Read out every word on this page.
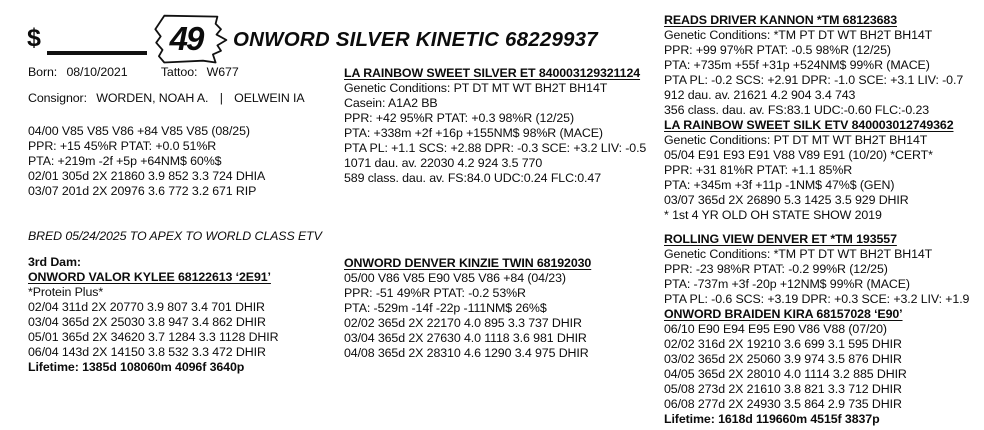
$	49	ONWORD SILVER KINETIC 68229937
Born: 08/10/2021	Tattoo: W677
Consignor: WORDEN, NOAH A. | OELWEIN IA
04/00 V85 V85 V86 +84 V85 V85 (08/25)
PPR: +15 45%R PTAT: +0.0 51%R
PTA: +219m -2f +5p +64NM$ 60%$
02/01 305d 2X 21860 3.9 852 3.3 724 DHIA
03/07 201d 2X 20976 3.6 772 3.2 671 RIP
BRED 05/24/2025 TO APEX TO WORLD CLASS ETV
3rd Dam:
ONWORD VALOR KYLEE 68122613 ‘2E91’
*Protein Plus*
02/04 311d 2X 20770 3.9 807 3.4 701 DHIR
03/04 365d 2X 25030 3.8 947 3.4 862 DHIR
05/01 365d 2X 34620 3.7 1284 3.3 1128 DHIR
06/04 143d 2X 14150 3.8 532 3.3 472 DHIR
Lifetime: 1385d 108060m 4096f 3640p
LA RAINBOW SWEET SILVER ET 840003129321124
Genetic Conditions: PT DT MT WT BH2T BH14T
Casein: A1A2 BB
PPR: +42 95%R PTAT: +0.3 98%R (12/25)
PTA: +338m +2f +16p +155NM$ 98%R (MACE)
PTA PL: +1.1 SCS: +2.88 DPR: -0.3 SCE: +3.2 LIV: -0.5
1071 dau. av. 22030 4.2 924 3.5 770
589 class. dau. av. FS:84.0 UDC:0.24 FLC:0.47
ONWORD DENVER KINZIE TWIN 68192030
05/00 V86 V85 E90 V85 V86 +84 (04/23)
PPR: -51 49%R PTAT: -0.2 53%R
PTA: -529m -14f -22p -111NM$ 26%$
02/02 365d 2X 22170 4.0 895 3.3 737 DHIR
03/04 365d 2X 27630 4.0 1118 3.6 981 DHIR
04/08 365d 2X 28310 4.6 1290 3.4 975 DHIR
READS DRIVER KANNON *TM 68123683
Genetic Conditions: *TM PT DT WT BH2T BH14T
PPR: +99 97%R PTAT: -0.5 98%R (12/25)
PTA: +735m +55f +31p +524NM$ 99%R (MACE)
PTA PL: -0.2 SCS: +2.91 DPR: -1.0 SCE: +3.1 LIV: -0.7
912 dau. av. 21621 4.2 904 3.4 743
356 class. dau. av. FS:83.1 UDC:-0.60 FLC:-0.23
LA RAINBOW SWEET SILK ETV 840003012749362
Genetic Conditions: PT DT MT WT BH2T BH14T
05/04 E91 E93 E91 V88 V89 E91 (10/20) *CERT*
PPR: +31 81%R PTAT: +1.1 85%R
PTA: +345m +3f +11p -1NM$ 47%$ (GEN)
03/07 365d 2X 26890 5.3 1425 3.5 929 DHIR
* 1st 4 YR OLD OH STATE SHOW 2019
ROLLING VIEW DENVER ET *TM 193557
Genetic Conditions: *TM PT DT WT BH2T BH14T
PPR: -23 98%R PTAT: -0.2 99%R (12/25)
PTA: -737m +3f -20p +12NM$ 99%R (MACE)
PTA PL: -0.6 SCS: +3.19 DPR: +0.3 SCE: +3.2 LIV: +1.9
ONWORD BRAIDEN KIRA 68157028 ‘E90’
06/10 E90 E94 E95 E90 V86 V88 (07/20)
02/02 316d 2X 19210 3.6 699 3.1 595 DHIR
03/02 365d 2X 25060 3.9 974 3.5 876 DHIR
04/05 365d 2X 28010 4.0 1114 3.2 885 DHIR
05/08 273d 2X 21610 3.8 821 3.3 712 DHIR
06/08 277d 2X 24930 3.5 864 2.9 735 DHIR
Lifetime: 1618d 119660m 4515f 3837p
